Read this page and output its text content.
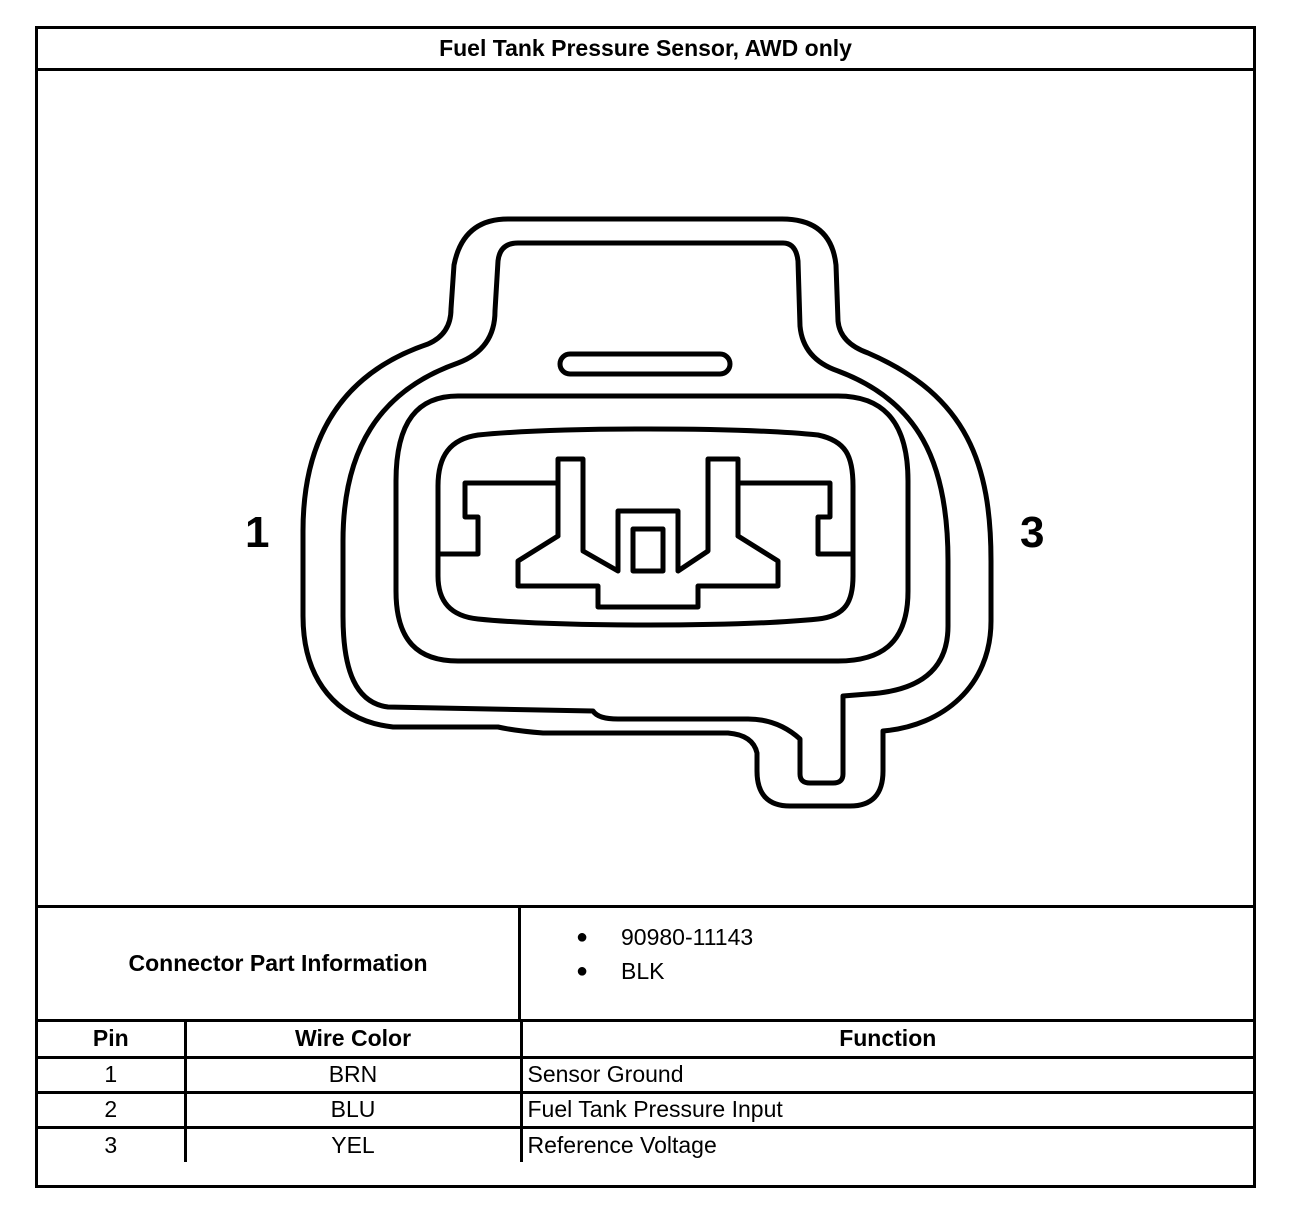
Fuel Tank Pressure Sensor, AWD only
1	3
Connector Part Information
●	90980-11143
●	BLK
Pin	Wire Color	Function
1	BRN	Sensor Ground
2	BLU	Fuel Tank Pressure Input
3	YEL	Reference Voltage
